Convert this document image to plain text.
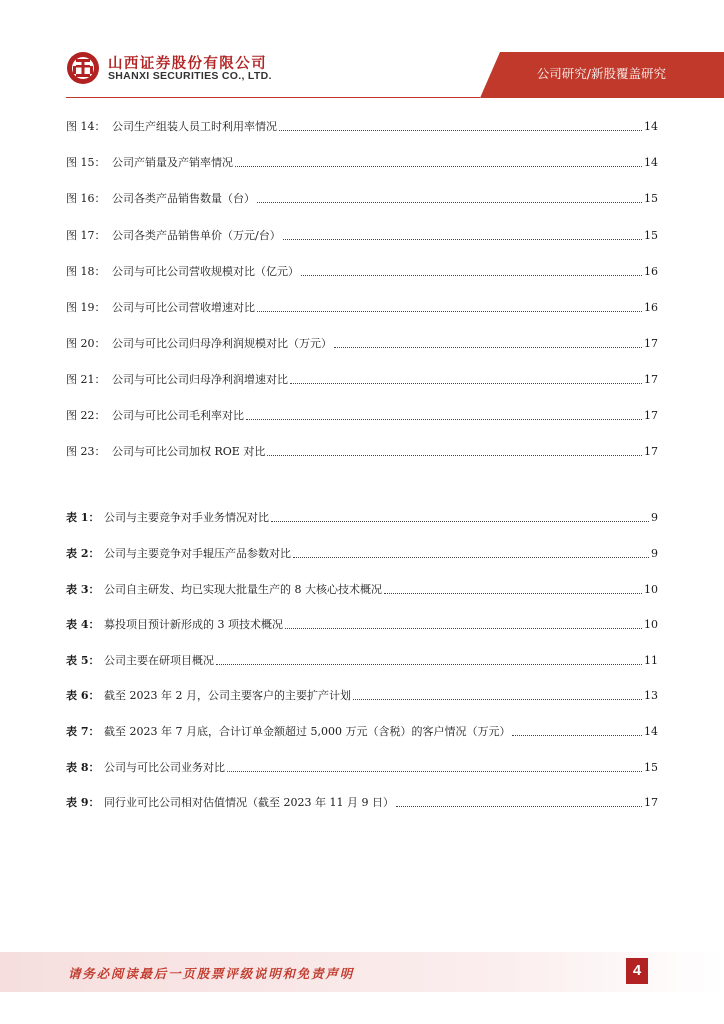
公司研究/新股覆盖研究
山西证券股份有限公司
SHANXI SECURITIES CO., LTD.
图 14： 公司生产组装人员工时利用率情况	14
图 15： 公司产销量及产销率情况	14
图 16： 公司各类产品销售数量（台）	15
图 17： 公司各类产品销售单价（万元/台）	15
图 18： 公司与可比公司营收规模对比（亿元）	16
图 19： 公司与可比公司营收增速对比	16
图 20： 公司与可比公司归母净利润规模对比（万元）	17
图 21： 公司与可比公司归母净利润增速对比	17
图 22： 公司与可比公司毛利率对比	17
图 23： 公司与可比公司加权 ROE 对比	17
表 1： 公司与主要竞争对手业务情况对比	9
表 2： 公司与主要竞争对手辊压产品参数对比	9
表 3： 公司自主研发、均已实现大批量生产的 8 大核心技术概况	10
表 4： 募投项目预计新形成的 3 项技术概况	10
表 5： 公司主要在研项目概况	11
表 6： 截至 2023 年 2 月，公司主要客户的主要扩产计划	13
表 7： 截至 2023 年 7 月底，合计订单金额超过 5,000 万元（含税）的客户情况（万元）	14
表 8： 公司与可比公司业务对比	15
表 9： 同行业可比公司相对估值情况（截至 2023 年 11 月 9 日）	17
请务必阅读最后一页股票评级说明和免责声明	4
